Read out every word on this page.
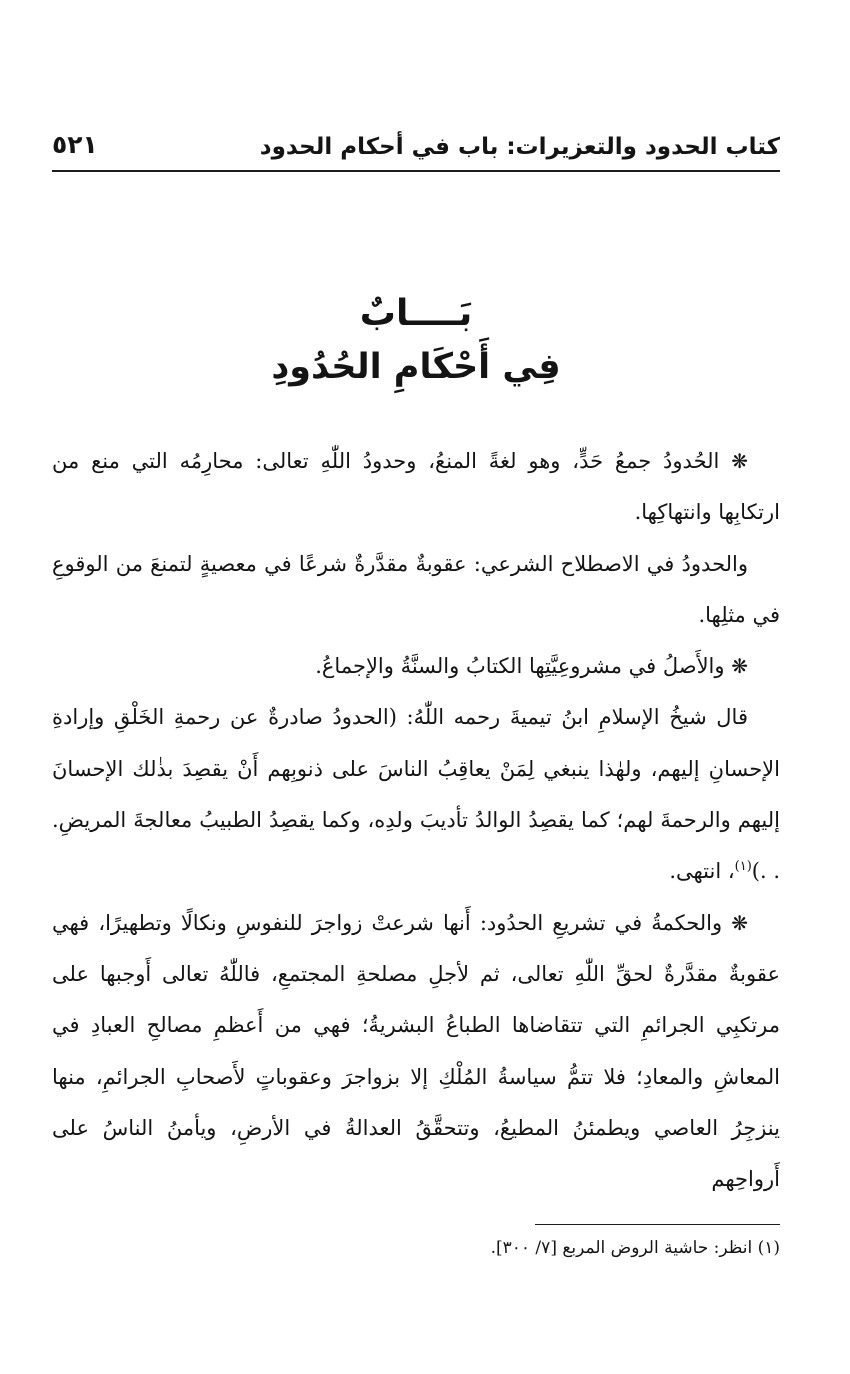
كتاب الحدود والتعزيرات: باب في أحكام الحدود
٥٢١
بَــــابٌ
فِي أَحْكَامِ الحُدُودِ

❋ الحُدودُ جمعُ حَدٍّ، وهو لغةً المنعُ، وحدودُ اللّٰهِ تعالى: محارِمُه التي منع من ارتكابِها وانتهاكِها.

والحدودُ في الاصطلاح الشرعي: عقوبةٌ مقدَّرةٌ شرعًا في معصيةٍ لتمنعَ من الوقوعِ في مثلِها.

❋ والأَصلُ في مشروعِيَّتِها الكتابُ والسنَّةُ والإجماعُ.

قال شيخُ الإسلامِ ابنُ تيميةَ رحمه اللّٰهُ: (الحدودُ صادرةٌ عن رحمةِ الخَلْقِ وإرادةِ الإحسانِ إليهم، ولهٰذا ينبغي لِمَنْ يعاقِبُ الناسَ على ذنوبِهم أَنْ يقصِدَ بذٰلك الإحسانَ إليهم والرحمةَ لهم؛ كما يقصِدُ الوالدُ تأديبَ ولدِه، وكما يقصِدُ الطبيبُ معالجةَ المريضِ. . .)$^{(١)}$، انتهى.

❋ والحكمةُ في تشريعِ الحدُود: أَنها شرعتْ زواجرَ للنفوسِ ونكالًا وتطهيرًا، فهي عقوبةٌ مقدَّرةٌ لحقِّ اللّٰهِ تعالى، ثم لأجلِ مصلحةِ المجتمعِ، فاللّٰهُ تعالى أَوجبها على مرتكبِي الجرائمِ التي تتقاضاها الطباعُ البشريةُ؛ فهي من أَعظمِ مصالحِ العبادِ في المعاشِ والمعادِ؛ فلا تتمُّ سياسةُ المُلْكِ إلا بزواجرَ وعقوباتٍ لأَصحابِ الجرائمِ، منها ينزجِرُ العاصي ويطمئنُ المطيعُ، وتتحقَّقُ العدالةُ في الأرضِ، ويأمنُ الناسُ على أَرواحِهم

(١) انظر: حاشية الروض المربع [٧/ ٣٠٠].
